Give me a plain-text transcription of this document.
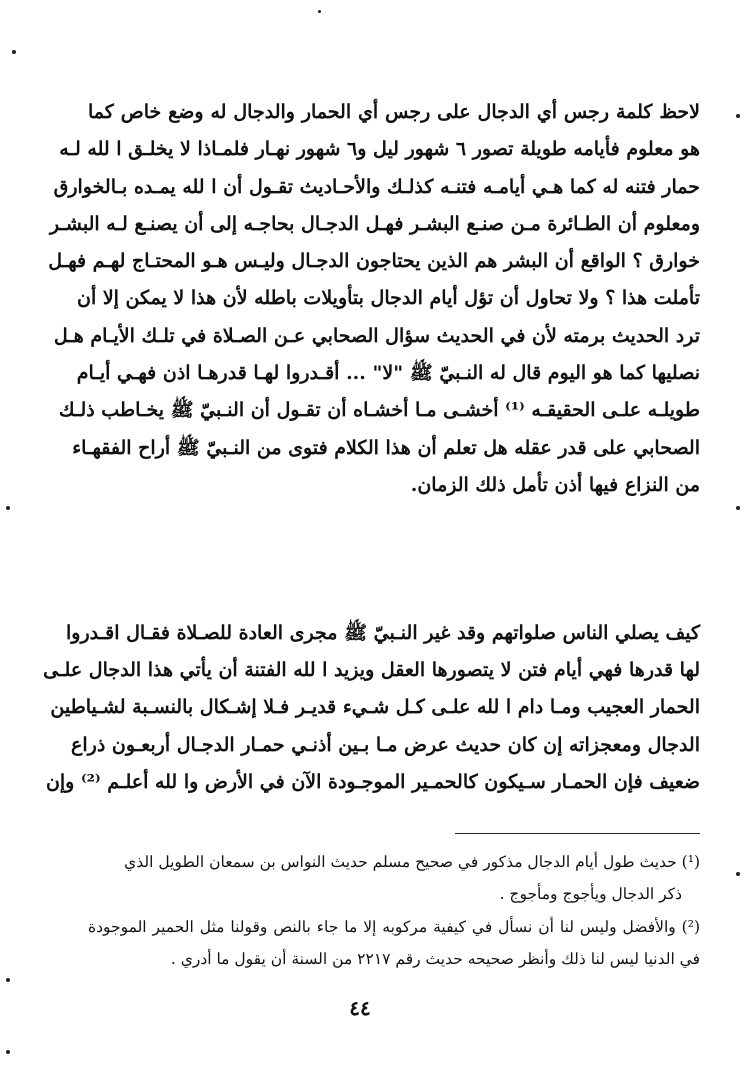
لاحظ كلمة رجس أي الدجال على رجس أي الحمار والدجال له وضع خاص كما
هو معلوم فأيامه طويلة تصور ٦ شهور ليل و٦ شهور نهـار فلمـاذا لا يخلـق ا لله لـه
حمار فتنه له كما هـي أيامـه فتنـه كذلـك والأحـاديث تقـول أن ا لله يمـده بـالخوارق
ومعلوم أن الطـائرة مـن صنـع البشـر فهـل الدجـال بحاجـه إلى أن يصنـع لـه البشـر
خوارق ؟ الواقع أن البشر هم الذين يحتاجون الدجـال وليـس هـو المحتـاج لهـم فهـل
تأملت هذا ؟ ولا تحاول أن تؤل أيام الدجال بتأويلات باطله لأن هذا لا يمكن إلا أن
ترد الحديث برمته لأن في الحديث سؤال الصحابي عـن الصـلاة في تلـك الأيـام هـل
نصليها كما هو اليوم قال له النـبيّ ﷺ "لا" ... أقـدروا لهـا قدرهـا اذن فهـي أيـام
طويلـه علـى الحقيقـه ⁽¹⁾ أخشـى مـا أخشـاه أن تقـول أن النـبيّ ﷺ يخـاطب ذلـك
الصحابي على قدر عقله هل تعلم أن هذا الكلام فتوى من النـبيّ ﷺ أراح الفقهـاء
من النزاع فيها أذن تأمل ذلك الزمان.
كيف يصلي الناس صلواتهم وقد غير النـبيّ ﷺ مجرى العادة للصـلاة فقـال اقـدروا
لها قدرها فهي أيام فتن لا يتصورها العقل ويزيد ا لله الفتنة أن يأتي هذا الدجال علـى
الحمار العجيب ومـا دام ا لله علـى كـل شـيء قديـر فـلا إشـكال بالنسـبة لشـياطين
الدجال ومعجزاته إن كان حديث عرض مـا بـين أذنـي حمـار الدجـال أربعـون ذراع
ضعيف فإن الحمـار سـيكون كالحمـير الموجـودة الآن في الأرض وا لله أعلـم ⁽²⁾ وإن
(¹) حديث طول أيام الدجال مذكور في صحيح مسلم حديث النواس بن سمعان الطويل الذي
ذكر الدجال ويأجوج ومأجوج .
(²) والأفضل وليس لنا أن نسأل في كيفية مركوبه إلا ما جاء بالنص وقولنا مثل الحمير الموجودة
في الدنيا ليس لنا ذلك وأنظر صحيحه حديث رقم ٢٢١٧ من السنة أن يقول ما أدري .
٤٤
